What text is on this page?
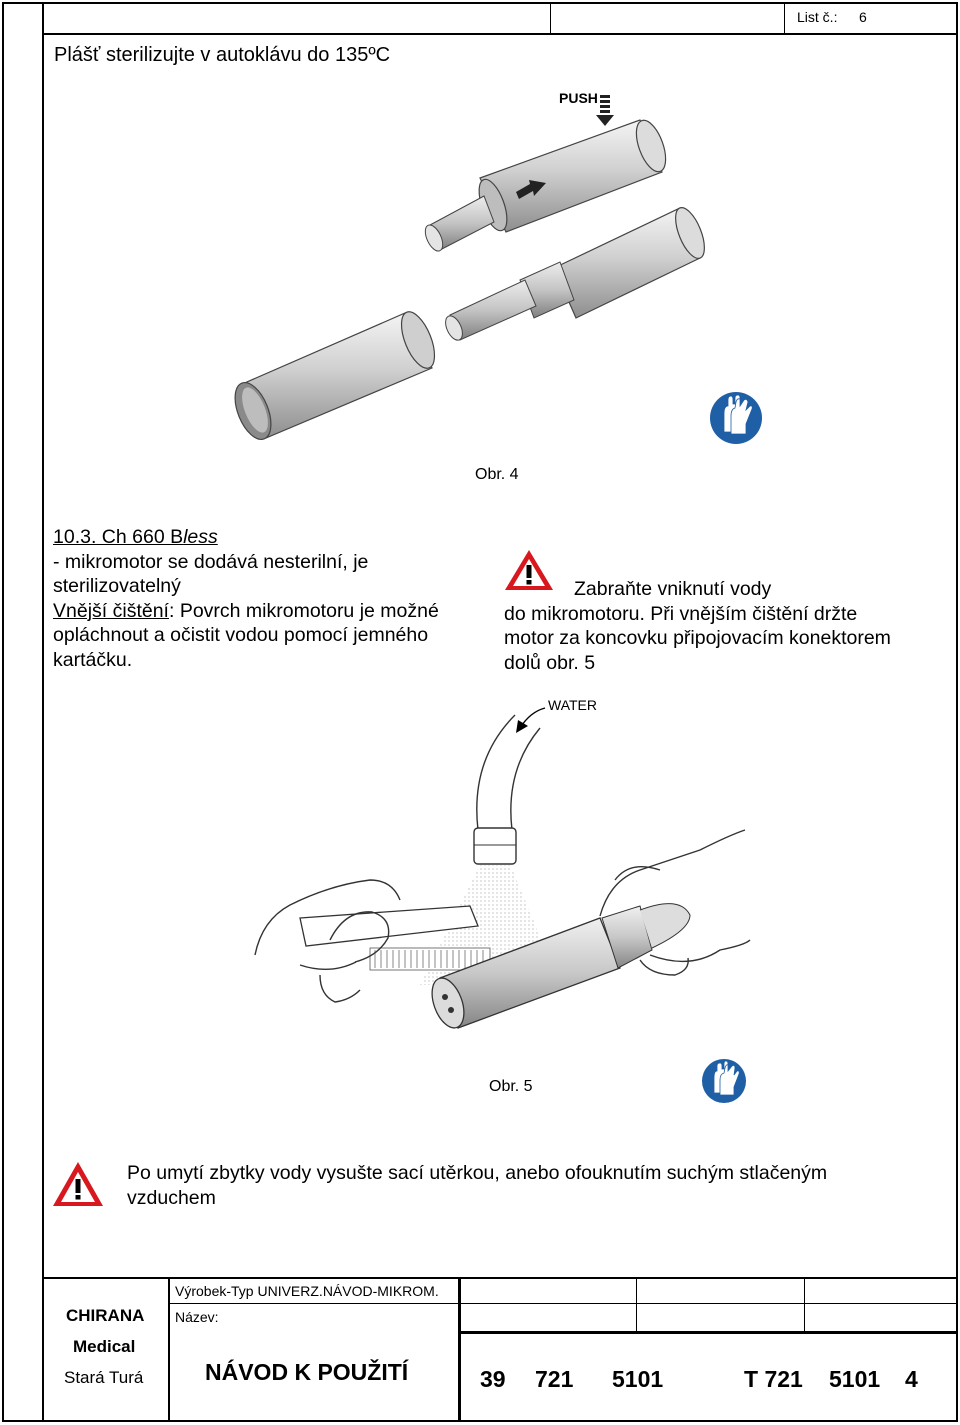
List č.: 6
Plášť sterilizujte v autoklávu do 135ºC
PUSH
Obr. 4
10.3. Ch 660 Bless
- mikromotor se dodává nesterilní, je
sterilizovatelný
Vnější čištění: Povrch mikromotoru je možné
opláchnout a očistit vodou pomocí jemného
kartáčku.
Zabraňte vniknutí vody
do mikromotoru. Při vnějším čištění držte
motor za koncovku připojovacím konektorem
dolů obr. 5
WATER
Obr. 5
Po umytí zbytky vody vysušte sací utěrkou, anebo ofouknutím suchým stlačeným
vzduchem
CHIRANA
Medical
Stará Turá
Výrobek-Typ UNIVERZ.NÁVOD-MIKROM.
Název:
NÁVOD K POUŽITÍ	39 721 5101	T 721 5101 4
